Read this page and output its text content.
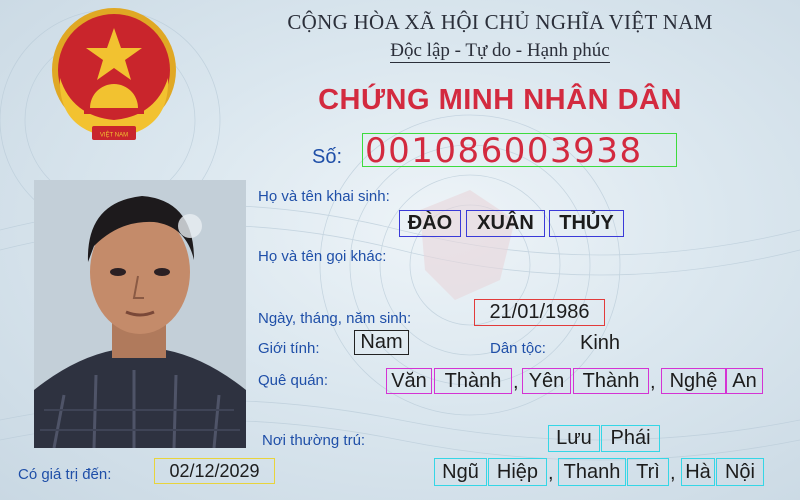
VIỆT NAM
CỘNG HÒA XÃ HỘI CHỦ NGHĨA VIỆT NAM
Độc lập - Tự do - Hạnh phúc
CHỨNG MINH NHÂN DÂN
Số: 001086003938
Họ và tên khai sinh:
ĐÀO	XUÂN	THỦY
Họ và tên gọi khác:
Ngày, tháng, năm sinh:	21/01/1986
Giới tính:	Nam	Dân tộc: Kinh
Quê quán:	Văn Thành , Yên Thành , Nghệ An
Nơi thường trú:	Lưu Phái
Ngũ Hiệp , Thanh Trì , Hà Nội
Có giá trị đến:	02/12/2029
